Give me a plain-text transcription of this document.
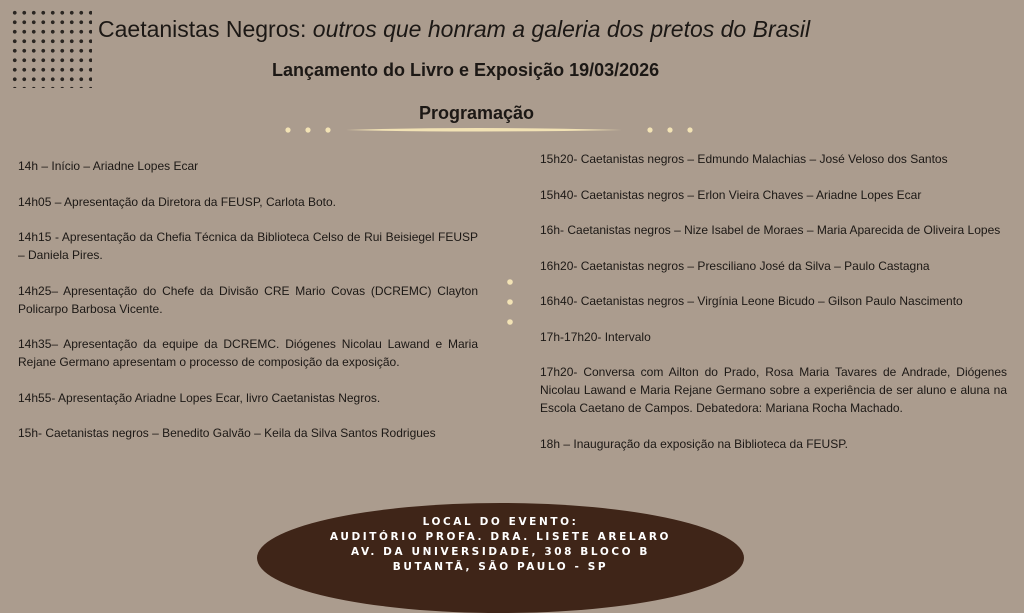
Caetanistas Negros: outros que honram a galeria dos pretos do Brasil
Lançamento do Livro e Exposição 19/03/2026
Programação

14h – Início – Ariadne Lopes Ecar

14h05 – Apresentação da Diretora da FEUSP, Carlota Boto.

14h15 - Apresentação da Chefia Técnica da Biblioteca Celso de Rui Beisiegel FEUSP – Daniela Pires.

14h25– Apresentação do Chefe da Divisão CRE Mario Covas (DCREMC) Clayton Policarpo Barbosa Vicente.

14h35– Apresentação da equipe da DCREMC. Diógenes Nicolau Lawand e Maria Rejane Germano apresentam o processo de composição da exposição.

14h55- Apresentação Ariadne Lopes Ecar, livro Caetanistas Negros.

15h- Caetanistas negros – Benedito Galvão – Keila da Silva Santos Rodrigues

15h20- Caetanistas negros – Edmundo Malachias – José Veloso dos Santos

15h40- Caetanistas negros – Erlon Vieira Chaves – Ariadne Lopes Ecar

16h- Caetanistas negros – Nize Isabel de Moraes – Maria Aparecida de Oliveira Lopes

16h20- Caetanistas negros – Presciliano José da Silva – Paulo Castagna

16h40- Caetanistas negros – Virgínia Leone Bicudo – Gilson Paulo Nascimento

17h-17h20- Intervalo

17h20- Conversa com Ailton do Prado, Rosa Maria Tavares de Andrade, Diógenes Nicolau Lawand e Maria Rejane Germano sobre a experiência de ser aluno e aluna na Escola Caetano de Campos. Debatedora: Mariana Rocha Machado.

18h – Inauguração da exposição na Biblioteca da FEUSP.

LOCAL DO EVENTO:
AUDITÓRIO PROFA. DRA. LISETE ARELARO
AV. DA UNIVERSIDADE, 308 BLOCO B
BUTANTÃ, SÃO PAULO - SP
